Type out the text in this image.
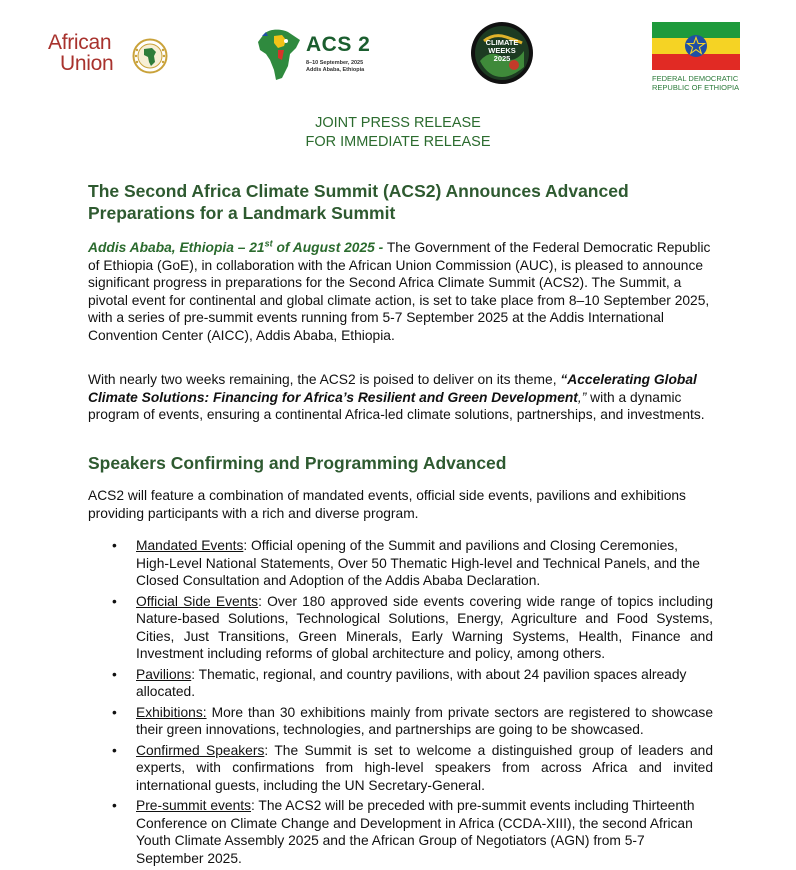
African
Union
ACS 2
8–10 September, 2025
Addis Ababa, Ethiopia
CLIMATE
WEEKS
2025
FEDERAL DEMOCRATIC
REPUBLIC OF ETHIOPIA
JOINT PRESS RELEASE
FOR IMMEDIATE RELEASE
The Second Africa Climate Summit (ACS2) Announces Advanced
Preparations for a Landmark Summit

Addis Ababa, Ethiopia – 21st of August 2025 - The Government of the Federal Democratic Republic of Ethiopia (GoE), in collaboration with the African Union Commission (AUC), is pleased to announce significant progress in preparations for the Second Africa Climate Summit (ACS2). The Summit, a pivotal event for continental and global climate action, is set to take place from 8–10 September 2025, with a series of pre-summit events running from 5-7 September 2025 at the Addis International Convention Center (AICC), Addis Ababa, Ethiopia.

With nearly two weeks remaining, the ACS2 is poised to deliver on its theme, “Accelerating Global Climate Solutions: Financing for Africa’s Resilient and Green Development,” with a dynamic program of events, ensuring a continental Africa-led climate solutions, partnerships, and investments.

Speakers Confirming and Programming Advanced

ACS2 will feature a combination of mandated events, official side events, pavilions and exhibitions providing participants with a rich and diverse program.

• Mandated Events: Official opening of the Summit and pavilions and Closing Ceremonies, High-Level National Statements, Over 50 Thematic High-level and Technical Panels, and the Closed Consultation and Adoption of the Addis Ababa Declaration.
• Official Side Events: Over 180 approved side events covering wide range of topics including Nature-based Solutions, Technological Solutions, Energy, Agriculture and Food Systems, Cities, Just Transitions, Green Minerals, Early Warning Systems, Health, Finance and Investment including reforms of global architecture and policy, among others.
• Pavilions: Thematic, regional, and country pavilions, with about 24 pavilion spaces already allocated.
• Exhibitions: More than 30 exhibitions mainly from private sectors are registered to showcase their green innovations, technologies, and partnerships are going to be showcased.
• Confirmed Speakers: The Summit is set to welcome a distinguished group of leaders and experts, with confirmations from high-level speakers from across Africa and invited international guests, including the UN Secretary-General.
• Pre-summit events: The ACS2 will be preceded with pre-summit events including Thirteenth Conference on Climate Change and Development in Africa (CCDA-XIII), the second African Youth Climate Assembly 2025 and the African Group of Negotiators (AGN) from 5-7 September 2025.
